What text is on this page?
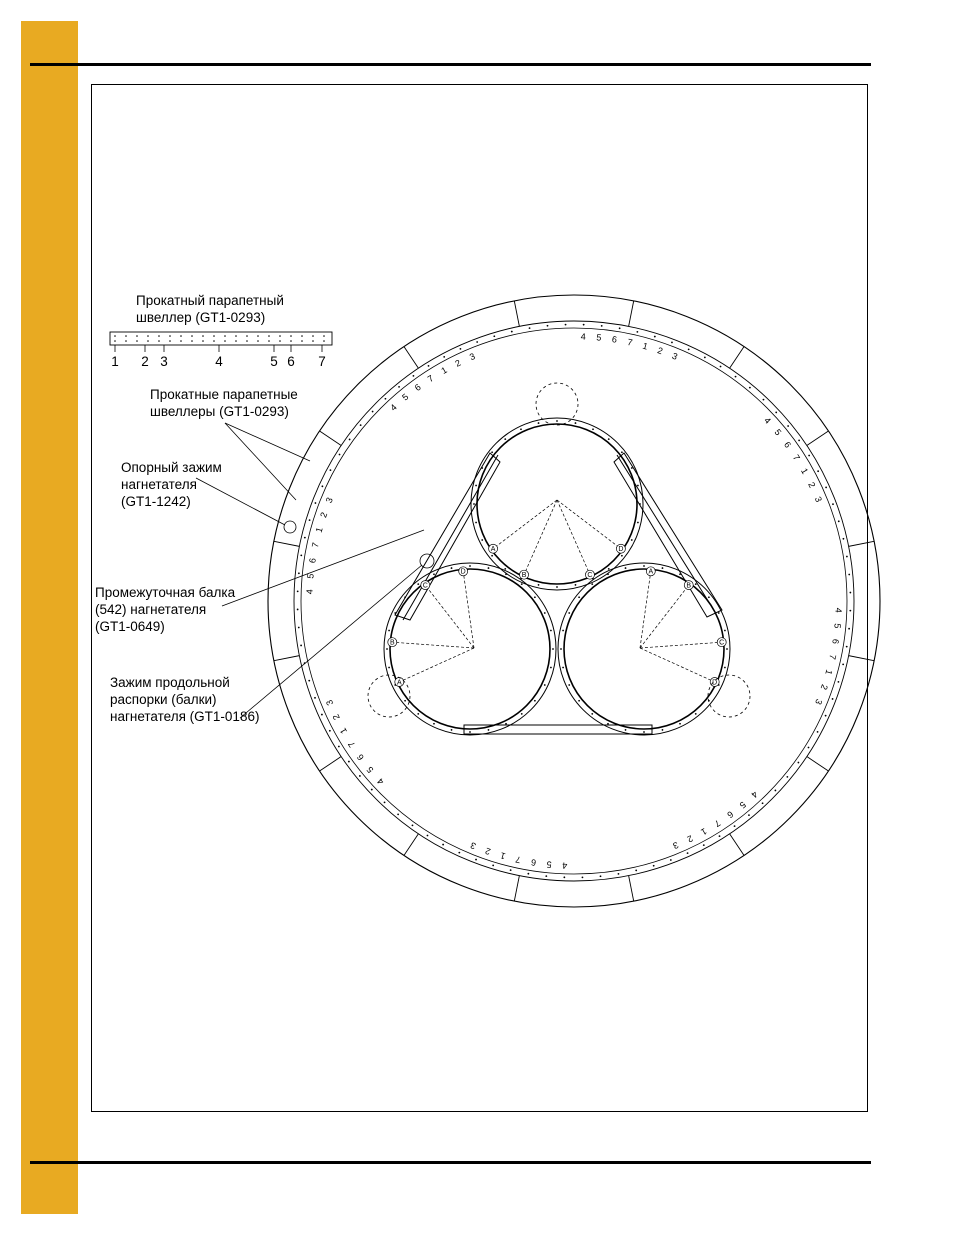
4 5 6 7 1 2 3
4
5
6
7
1
2
3
4
5
6
7
1
2
3
4
5
6
7
1
2
3
4
5
6
7
1
2
3
4
5
6
7
1
2
3
4
5
6
7
1
2
3
4
5
6
7
1
2
3
D
C
B
A
A
B
C
D	A
B
C
D
1 2 3	4	5 6 7
Прокатный парапетный швеллер (GT1-0293)
Прокатные парапетные швеллеры (GT1-0293)
Опорный зажим нагнетателя (GT1-1242)
Промежуточная балка (542) нагнетателя (GT1-0649)
Зажим продольной распорки (балки) нагнетателя (GT1-0186)
